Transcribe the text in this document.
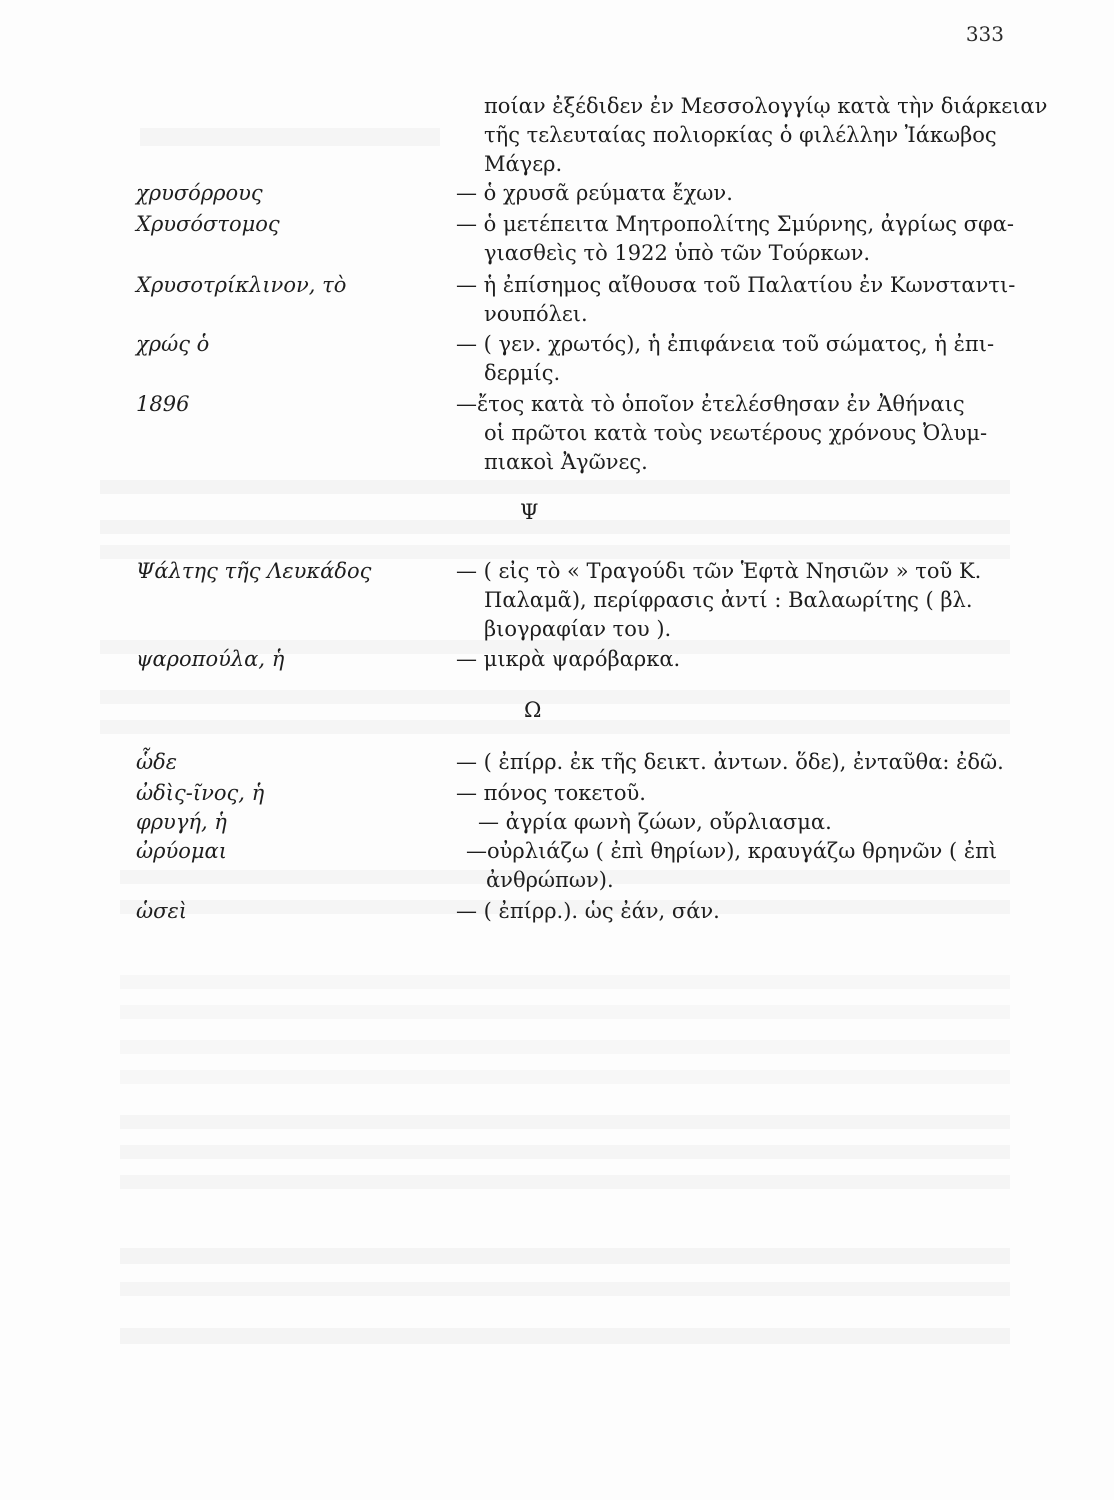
333
ποίαν ἐξέδιδεν ἐν Μεσσολογγίῳ κατὰ τὴν διάρκειαν
τῆς τελευταίας πολιορκίας ὁ φιλέλλην Ἰάκωβος
Μάγερ.
χρυσόρρους	— ὁ χρυσᾶ ρεύματα ἔχων.
Χρυσόστομος	— ὁ μετέπειτα Μητροπολίτης Σμύρνης, ἀγρίως σφα-
γιασθεὶς τὸ 1922 ὑπὸ τῶν Τούρκων.
Χρυσοτρίκλινον, τὸ	— ἡ ἐπίσημος αἴθουσα τοῦ Παλατίου ἐν Κωνσταντι-
νουπόλει.
χρώς ὁ	— ( γεν. χρωτός), ἡ ἐπιφάνεια τοῦ σώματος, ἡ ἐπι-
δερμίς.
1896	—ἔτος κατὰ τὸ ὁποῖον ἐτελέσθησαν ἐν Ἀθήναις
οἱ πρῶτοι κατὰ τοὺς νεωτέρους χρόνους Ὀλυμ-
πιακοὶ Ἀγῶνες.
Ψ
Ψάλτης τῆς Λευκάδος	— ( εἰς τὸ « Τραγούδι τῶν Ἑφτὰ Νησιῶν » τοῦ Κ.
Παλαμᾶ), περίφρασις ἀντί : Βαλαωρίτης ( βλ.
βιογραφίαν του ).
ψαροπούλα, ἡ	— μικρὰ ψαρόβαρκα.
Ω
ὧδε	— ( ἐπίρρ. ἐκ τῆς δεικτ. ἀντων. ὅδε), ἐνταῦθα: ἐδῶ.
ὠδὶς-ῖνος, ἡ	— πόνος τοκετοῦ.
φρυγή, ἡ	— ἀγρία φωνὴ ζώων, οὔρλιασμα.
ὠρύομαι	—οὐρλιάζω ( ἐπὶ θηρίων), κραυγάζω θρηνῶν ( ἐπὶ
ἀνθρώπων).
ὡσεὶ	— ( ἐπίρρ.). ὡς ἐάν, σάν.
